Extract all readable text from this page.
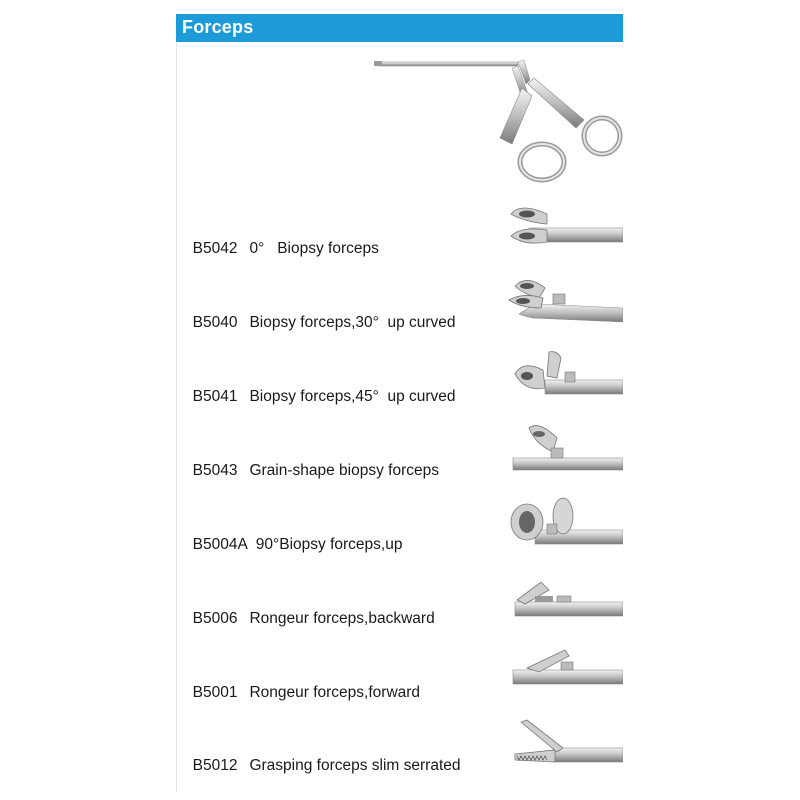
Forceps

B5042 0°   Biopsy forceps

B5040 Biopsy forceps,30°  up curved

B5041 Biopsy forceps,45°  up curved

B5043 Grain-shape biopsy forceps

B5004A 90°Biopsy forceps,up

B5006 Rongeur forceps,backward

B5001 Rongeur forceps,forward

B5012 Grasping forceps slim serrated
